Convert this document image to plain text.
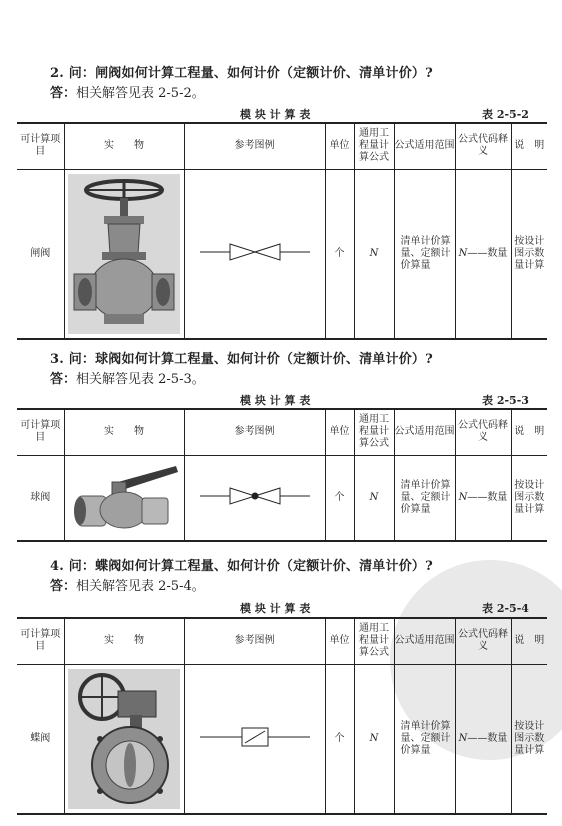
2. 问：闸阀如何计算工程量、如何计价（定额计价、清单计价）?
答：相关解答见表 2-5-2。
模 块 计 算 表	表 2-5-2
可计算项目	实　　物	参考图例	单位	通用工程量计算公式	公式适用范围	公式代码释义	说　明
闸阀			个	N	清单计价算量、定额计价算量	N——数量	按设计图示数量计算
3. 问：球阀如何计算工程量、如何计价（定额计价、清单计价）?
答：相关解答见表 2-5-3。
模 块 计 算 表	表 2-5-3
可计算项目	实　　物	参考图例	单位	通用工程量计算公式	公式适用范围	公式代码释义	说　明
球阀			个	N	清单计价算量、定额计价算量	N——数量	按设计图示数量计算
4. 问：蝶阀如何计算工程量、如何计价（定额计价、清单计价）?
答：相关解答见表 2-5-4。
模 块 计 算 表	表 2-5-4
可计算项目	实　　物	参考图例	单位	通用工程量计算公式	公式适用范围	公式代码释义	说　明
蝶阀			个	N	清单计价算量、定额计价算量	N——数量	按设计图示数量计算
